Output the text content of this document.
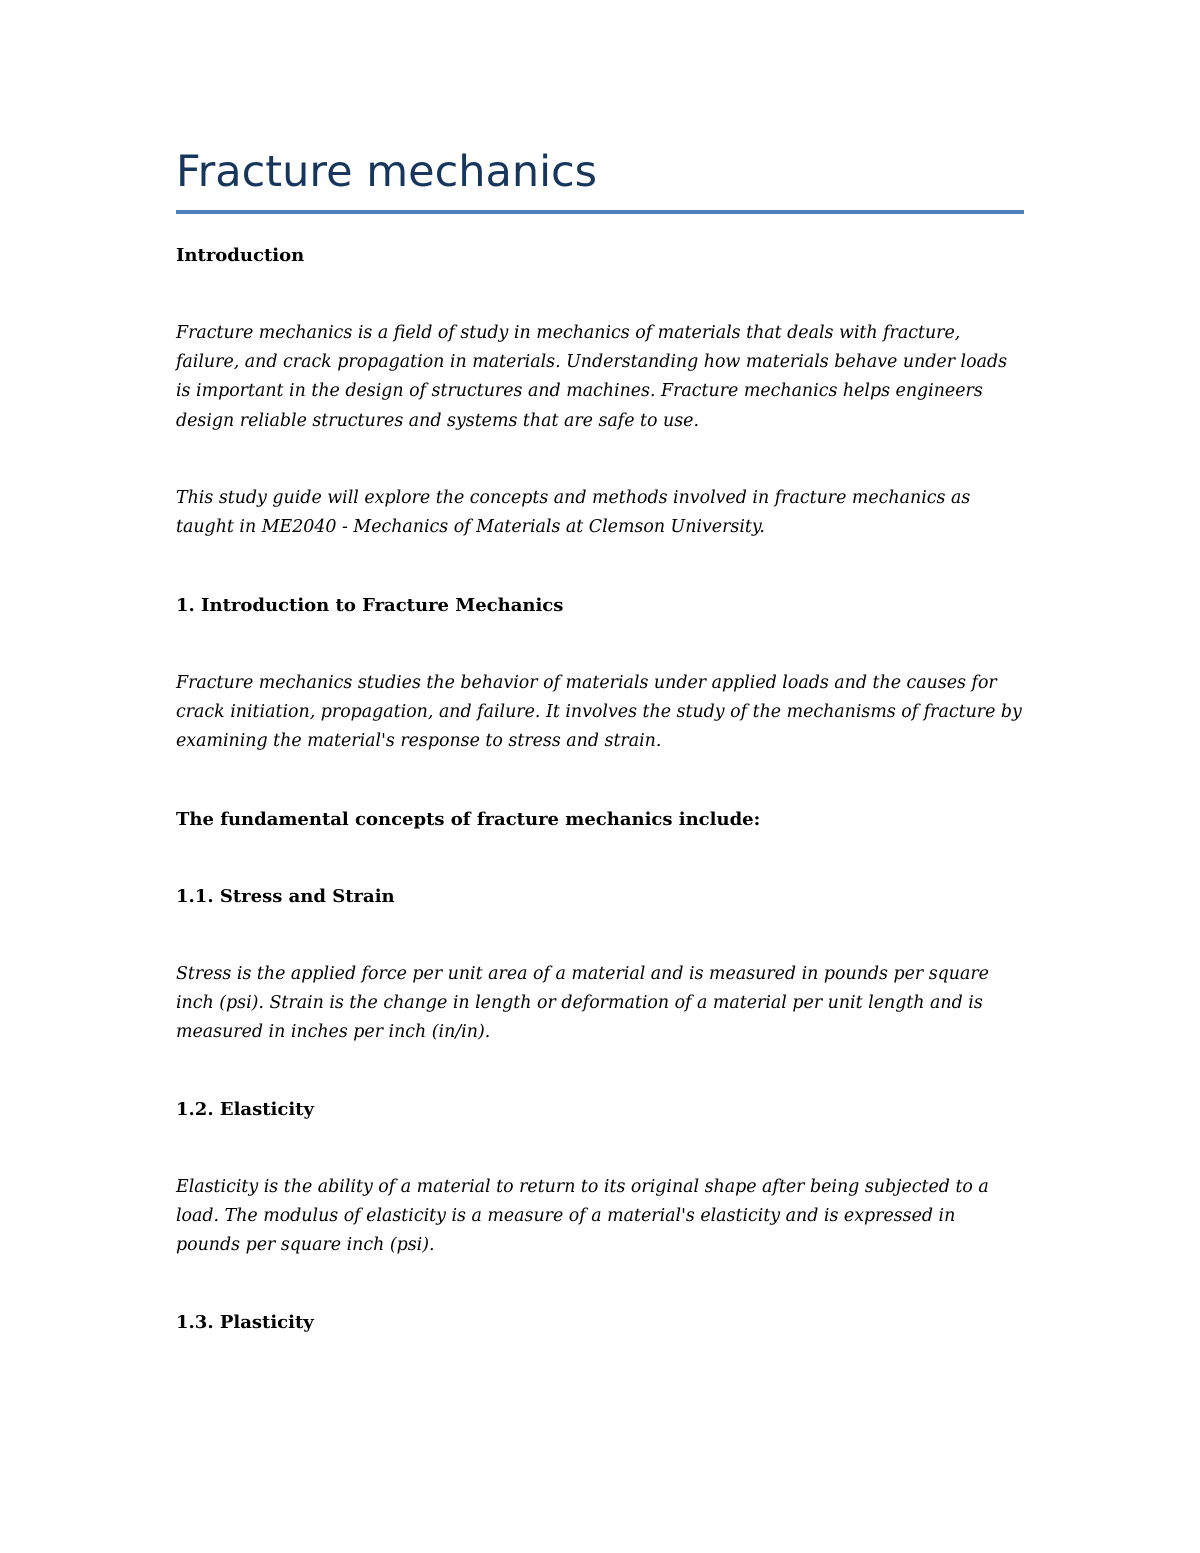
Fracture mechanics
Introduction
Fracture mechanics is a field of study in mechanics of materials that deals with fracture,
failure, and crack propagation in materials. Understanding how materials behave under loads
is important in the design of structures and machines. Fracture mechanics helps engineers
design reliable structures and systems that are safe to use.
This study guide will explore the concepts and methods involved in fracture mechanics as
taught in ME2040 - Mechanics of Materials at Clemson University.
1. Introduction to Fracture Mechanics
Fracture mechanics studies the behavior of materials under applied loads and the causes for
crack initiation, propagation, and failure. It involves the study of the mechanisms of fracture by
examining the material's response to stress and strain.
The fundamental concepts of fracture mechanics include:
1.1. Stress and Strain
Stress is the applied force per unit area of a material and is measured in pounds per square
inch (psi). Strain is the change in length or deformation of a material per unit length and is
measured in inches per inch (in/in).
1.2. Elasticity
Elasticity is the ability of a material to return to its original shape after being subjected to a
load. The modulus of elasticity is a measure of a material's elasticity and is expressed in
pounds per square inch (psi).
1.3. Plasticity
